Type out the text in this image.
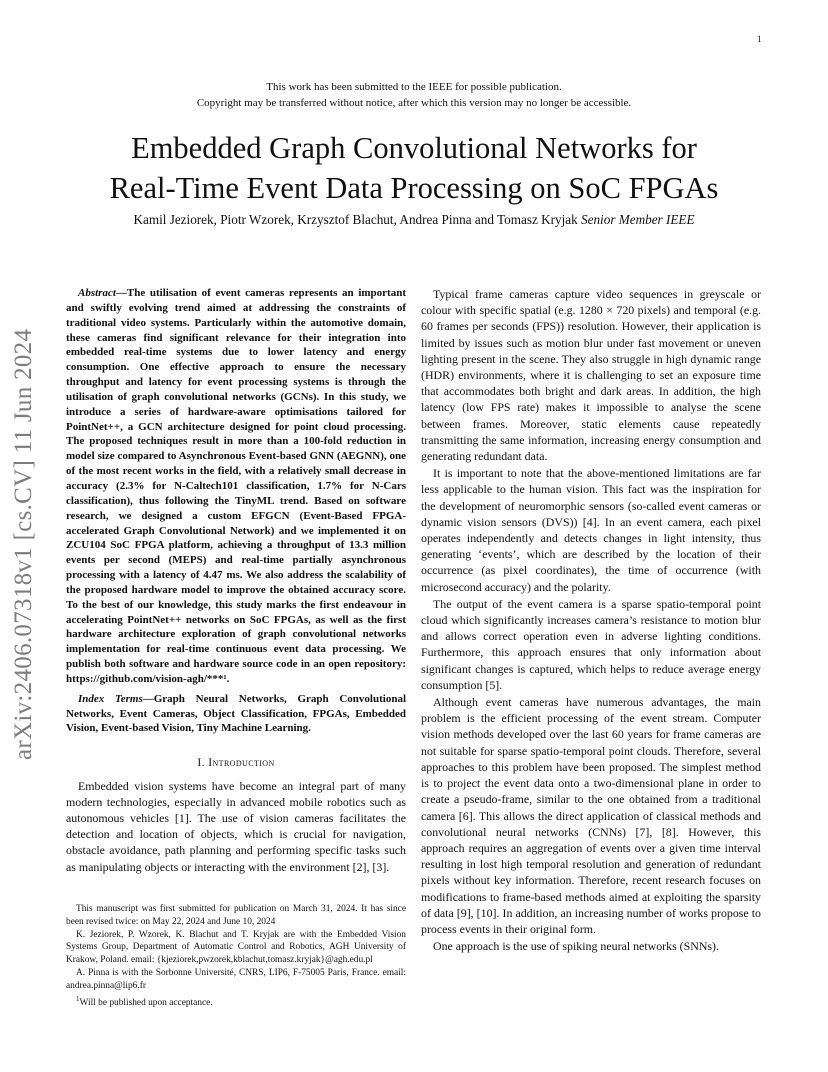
1
This work has been submitted to the IEEE for possible publication.
Copyright may be transferred without notice, after which this version may no longer be accessible.
Embedded Graph Convolutional Networks for
Real-Time Event Data Processing on SoC FPGAs
Kamil Jeziorek, Piotr Wzorek, Krzysztof Blachut, Andrea Pinna and Tomasz Kryjak Senior Member IEEE
arXiv:2406.07318v1 [cs.CV] 11 Jun 2024

Abstract—The utilisation of event cameras represents an important and swiftly evolving trend aimed at addressing the constraints of traditional video systems. Particularly within the automotive domain, these cameras find significant relevance for their integration into embedded real-time systems due to lower latency and energy consumption. One effective approach to ensure the necessary throughput and latency for event processing systems is through the utilisation of graph convolutional networks (GCNs). In this study, we introduce a series of hardware-aware optimisations tailored for PointNet++, a GCN architecture designed for point cloud processing. The proposed techniques result in more than a 100-fold reduction in model size compared to Asynchronous Event-based GNN (AEGNN), one of the most recent works in the field, with a relatively small decrease in accuracy (2.3% for N-Caltech101 classification, 1.7% for N-Cars classification), thus following the TinyML trend. Based on software research, we designed a custom EFGCN (Event-Based FPGA-accelerated Graph Convolutional Network) and we implemented it on ZCU104 SoC FPGA platform, achieving a throughput of 13.3 million events per second (MEPS) and real-time partially asynchronous processing with a latency of 4.47 ms. We also address the scalability of the proposed hardware model to improve the obtained accuracy score. To the best of our knowledge, this study marks the first endeavour in accelerating PointNet++ networks on SoC FPGAs, as well as the first hardware architecture exploration of graph convolutional networks implementation for real-time continuous event data processing. We publish both software and hardware source code in an open repository: https://github.com/vision-agh/***¹.

Index Terms—Graph Neural Networks, Graph Convolutional Networks, Event Cameras, Object Classification, FPGAs, Embedded Vision, Event-based Vision, Tiny Machine Learning.

I. Introduction

Embedded vision systems have become an integral part of many modern technologies, especially in advanced mobile robotics such as autonomous vehicles [1]. The use of vision cameras facilitates the detection and location of objects, which is crucial for navigation, obstacle avoidance, path planning and performing specific tasks such as manipulating objects or interacting with the environment [2], [3].

This manuscript was first submitted for publication on March 31, 2024. It has since been revised twice: on May 22, 2024 and June 10, 2024

K. Jeziorek, P. Wzorek, K. Blachut and T. Kryjak are with the Embedded Vision Systems Group, Department of Automatic Control and Robotics, AGH University of Krakow, Poland. email: {kjeziorek,pwzorek,kblachut,tomasz.kryjak}@agh.edu.pl

A. Pinna is with the Sorbonne Université, CNRS, LIP6, F-75005 Paris, France. email: andrea.pinna@lip6.fr

$^1$Will be published upon acceptance.

Typical frame cameras capture video sequences in greyscale or colour with specific spatial (e.g. 1280 × 720 pixels) and temporal (e.g. 60 frames per seconds (FPS)) resolution. However, their application is limited by issues such as motion blur under fast movement or uneven lighting present in the scene. They also struggle in high dynamic range (HDR) environments, where it is challenging to set an exposure time that accommodates both bright and dark areas. In addition, the high latency (low FPS rate) makes it impossible to analyse the scene between frames. Moreover, static elements cause repeatedly transmitting the same information, increasing energy consumption and generating redundant data.

It is important to note that the above-mentioned limitations are far less applicable to the human vision. This fact was the inspiration for the development of neuromorphic sensors (so-called event cameras or dynamic vision sensors (DVS)) [4]. In an event camera, each pixel operates independently and detects changes in light intensity, thus generating ‘events’, which are described by the location of their occurrence (as pixel coordinates), the time of occurrence (with microsecond accuracy) and the polarity.

The output of the event camera is a sparse spatio-temporal point cloud which significantly increases camera’s resistance to motion blur and allows correct operation even in adverse lighting conditions. Furthermore, this approach ensures that only information about significant changes is captured, which helps to reduce average energy consumption [5].

Although event cameras have numerous advantages, the main problem is the efficient processing of the event stream. Computer vision methods developed over the last 60 years for frame cameras are not suitable for sparse spatio-temporal point clouds. Therefore, several approaches to this problem have been proposed. The simplest method is to project the event data onto a two-dimensional plane in order to create a pseudo-frame, similar to the one obtained from a traditional camera [6]. This allows the direct application of classical methods and convolutional neural networks (CNNs) [7], [8]. However, this approach requires an aggregation of events over a given time interval resulting in lost high temporal resolution and generation of redundant pixels without key information. Therefore, recent research focuses on modifications to frame-based methods aimed at exploiting the sparsity of data [9], [10]. In addition, an increasing number of works propose to process events in their original form.

One approach is the use of spiking neural networks (SNNs).
